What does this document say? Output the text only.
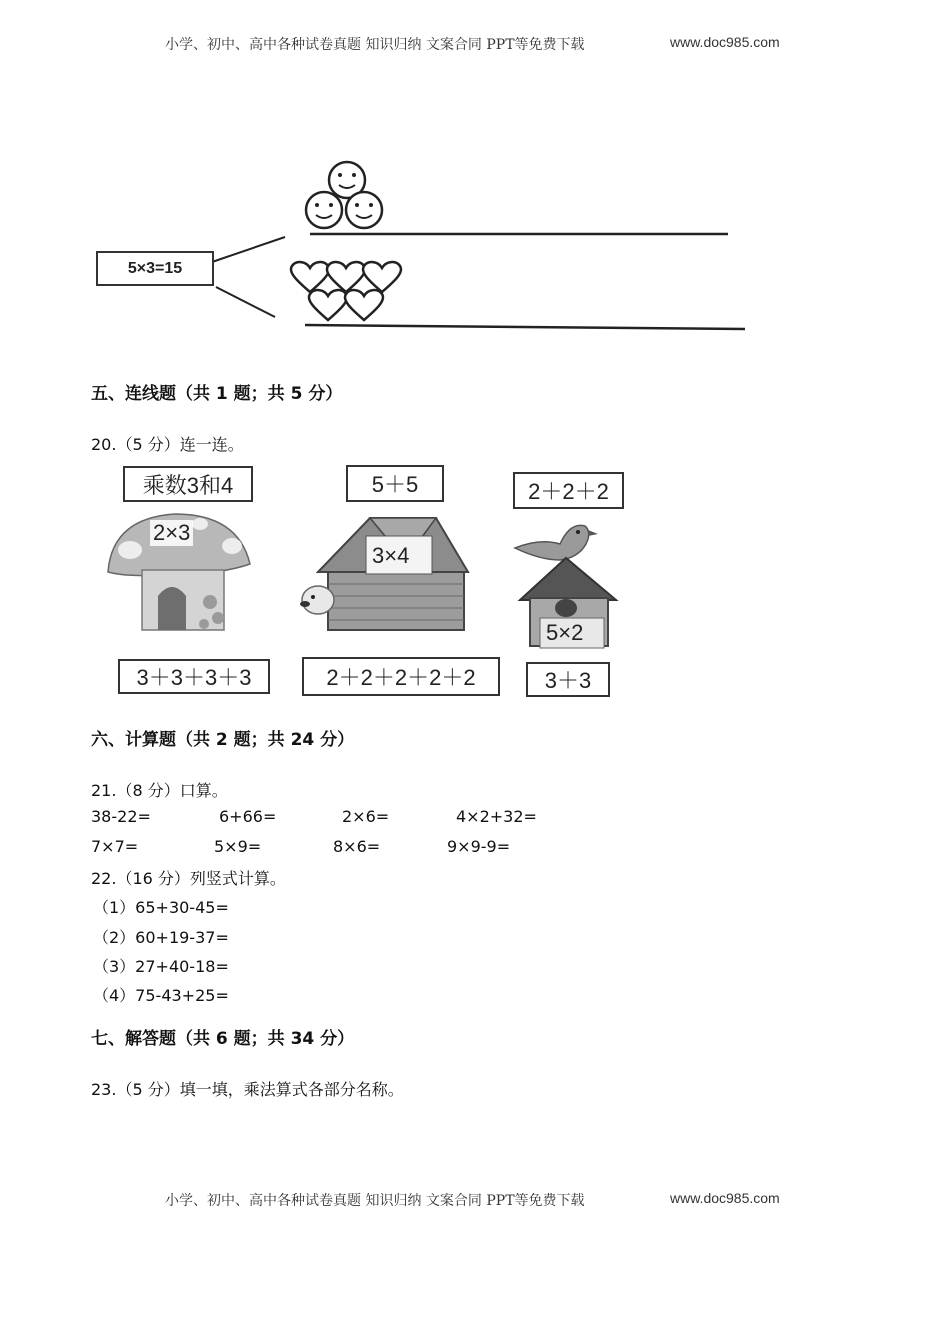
小学、初中、高中各种试卷真题 知识归纳 文案合同 PPT等免费下载	www.doc985.com
5×3=15
五、连线题（共 1 题；共 5 分）
20.（5 分）连一连。
乘数3和4	5＋5	2＋2＋2
2×3
3×4
5×2
3＋3＋3＋3	2＋2＋2＋2＋2	3＋3
六、计算题（共 2 题；共 24 分）
21.（8 分）口算。
38-22=	6+66=	2×6=	4×2+32=
7×7=	5×9=	8×6=	9×9-9=
22.（16 分）列竖式计算。
（1）65+30-45=
（2）60+19-37=
（3）27+40-18=
（4）75-43+25=
七、解答题（共 6 题；共 34 分）
23.（5 分）填一填，乘法算式各部分名称。
小学、初中、高中各种试卷真题 知识归纳 文案合同 PPT等免费下载	www.doc985.com
